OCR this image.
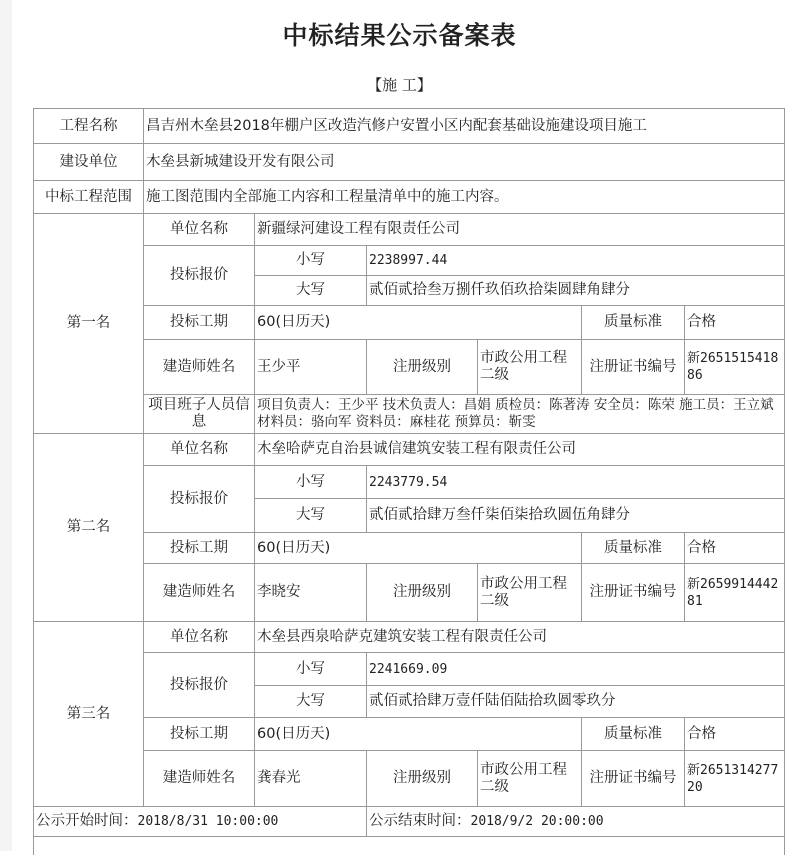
中标结果公示备案表
【施 工】
工程名称	昌吉州木垒县2018年棚户区改造汽修户安置小区内配套基础设施建设项目施工					
建设单位	木垒县新城建设开发有限公司					
中标工程范围	施工图范围内全部施工内容和工程量清单中的施工内容。					
第一名	单位名称	新疆绿河建设工程有限责任公司				
	投标报价	小写	2238997.44			
		大写	贰佰贰拾叁万捌仟玖佰玖拾柒圆肆角肆分			
	投标工期	60(日历天)			质量标准	合格
	建造师姓名	王少平	注册级别	市政公用工程二级	注册证书编号	新265151541886
	项目班子人员信息	项目负责人：王少平 技术负责人：昌娟 质检员：陈著涛 安全员：陈荣 施工员：王立斌 材料员：骆向军 资料员：麻桂花 预算员：靳雯				

第二名	单位名称	木垒哈萨克自治县诚信建筑安装工程有限责任公司				
	投标报价	小写	2243779.54			
		大写	贰佰贰拾肆万叁仟柒佰柒拾玖圆伍角肆分			
	投标工期	60(日历天)			质量标准	合格
	建造师姓名	李晓安	注册级别	市政公用工程二级	注册证书编号	新265991444281

第三名	单位名称	木垒县西泉哈萨克建筑安装工程有限责任公司				
	投标报价	小写	2241669.09			
		大写	贰佰贰拾肆万壹仟陆佰陆拾玖圆零玖分			
	投标工期	60(日历天)			质量标准	合格
	建造师姓名	龚春光	注册级别	市政公用工程二级	注册证书编号	新265131427720

公示开始时间：2018/8/31 10:00:00			公示结束时间：2018/9/2 20:00:00			
